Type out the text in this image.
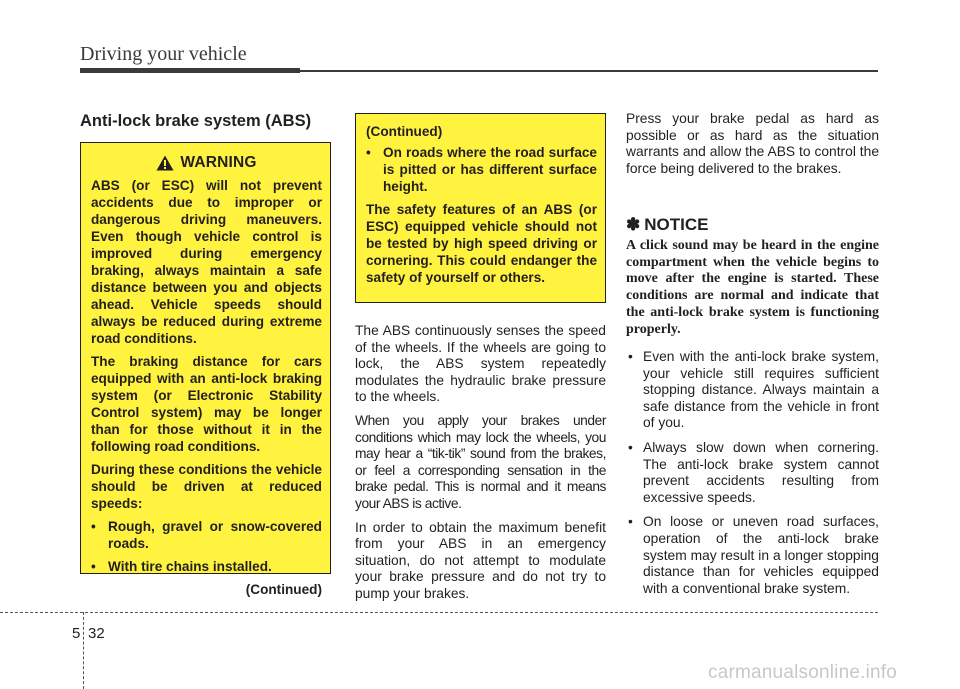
Driving your vehicle
Anti-lock brake system (ABS)
WARNING

ABS (or ESC) will not prevent accidents due to improper or dangerous driving maneuvers. Even though vehicle control is improved during emergency braking, always maintain a safe distance between you and objects ahead. Vehicle speeds should always be reduced during extreme road conditions.

The braking distance for cars equipped with an anti-lock braking system (or Electronic Stability Control system) may be longer than for those without it in the following road conditions.

During these conditions the vehicle should be driven at reduced speeds:

• Rough, gravel or snow-covered roads.
• With tire chains installed.

(Continued)

(Continued)

• On roads where the road surface is pitted or has different surface height.

The safety features of an ABS (or ESC) equipped vehicle should not be tested by high speed driving or cornering. This could endanger the safety of yourself or others.

The ABS continuously senses the speed of the wheels. If the wheels are going to lock, the ABS system repeatedly modulates the hydraulic brake pressure to the wheels.

When you apply your brakes under conditions which may lock the wheels, you may hear a “tik-tik” sound from the brakes, or feel a corresponding sensation in the brake pedal. This is normal and it means your ABS is active.

In order to obtain the maximum benefit from your ABS in an emergency situation, do not attempt to modulate your brake pressure and do not try to pump your brakes.

Press your brake pedal as hard as possible or as hard as the situation warrants and allow the ABS to control the force being delivered to the brakes.

✽ NOTICE
A click sound may be heard in the engine compartment when the vehicle begins to move after the engine is started. These conditions are normal and indicate that the anti-lock brake system is functioning properly.
• Even with the anti-lock brake system, your vehicle still requires sufficient stopping distance. Always maintain a safe distance from the vehicle in front of you.
• Always slow down when cornering. The anti-lock brake system cannot prevent accidents resulting from excessive speeds.
• On loose or uneven road surfaces, operation of the anti-lock brake system may result in a longer stopping distance than for vehicles equipped with a conventional brake system.
5 32
carmanualsonline.info
